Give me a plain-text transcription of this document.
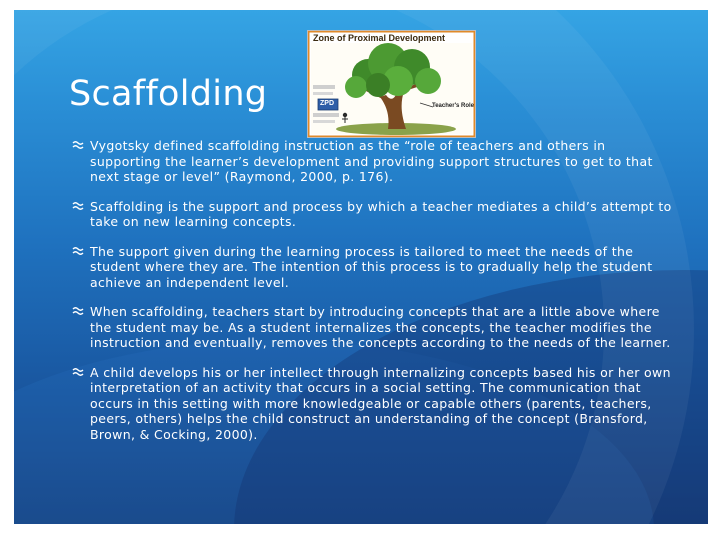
Scaffolding
Zone of Proximal Development
ZPD	Teacher's Role
Vygotsky defined scaffolding instruction as the “role of teachers and others in supporting the learner’s development and providing support structures to get to that next stage or level” (Raymond, 2000, p. 176).
Scaffolding is the support and process by which a teacher mediates a child’s attempt to take on new learning concepts.
The support given during the learning process is tailored to meet the needs of the student where they are. The intention of this process is to gradually help the student achieve an independent level.
When scaffolding, teachers start by introducing concepts that are a little above where the student may be. As a student internalizes the concepts, the teacher modifies the instruction and eventually, removes the concepts according to the needs of the learner.
A child develops his or her intellect through internalizing concepts based his or her own interpretation of an activity that occurs in a social setting. The communication that occurs in this setting with more knowledgeable or capable others (parents, teachers, peers, others) helps the child construct an understanding of the concept (Bransford, Brown, & Cocking, 2000).
